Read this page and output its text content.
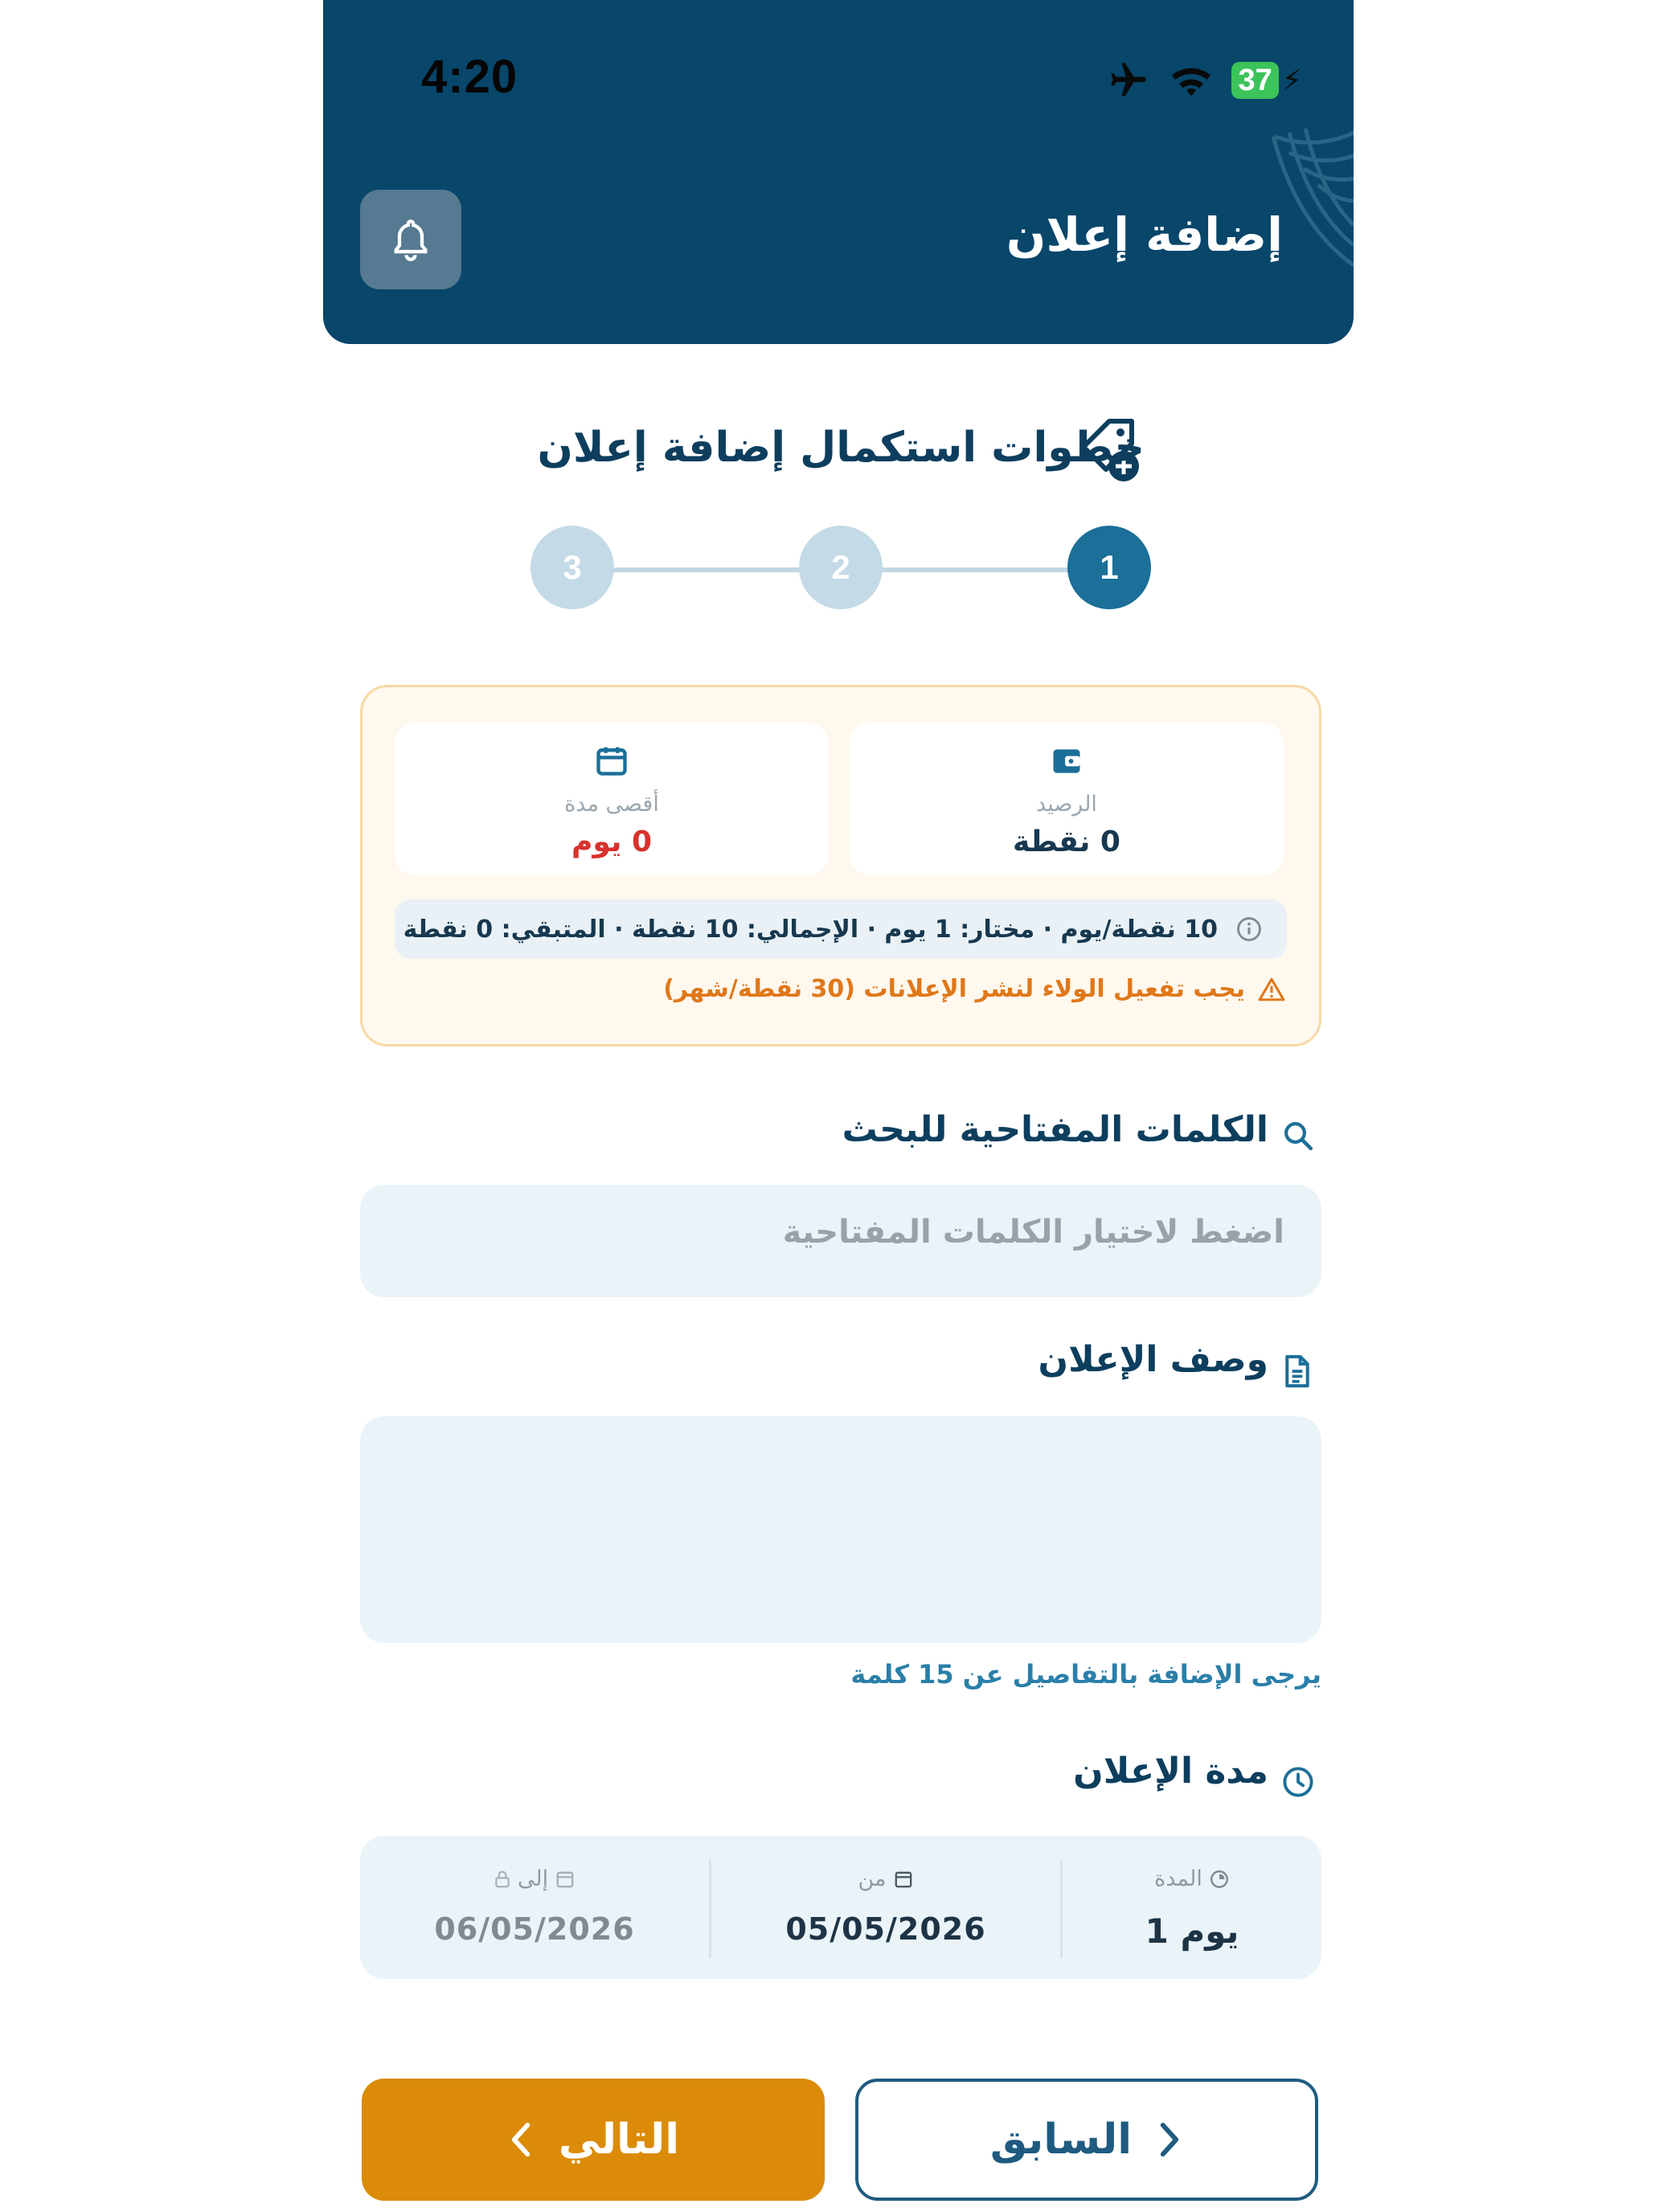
4:20	37 ⚡
إضافة إعلان
خطوات استكمال إضافة إعلان
3	2	1
أقصى مدة
0 يوم
الرصيد
0 نقطة
10 نقطة/يوم · مختار: 1 يوم · الإجمالي: 10 نقطة · المتبقي: 0 نقطة
يجب تفعيل الولاء لنشر الإعلانات (30 نقطة/شهر)
الكلمات المفتاحية للبحث
اضغط لاختيار الكلمات المفتاحية
وصف الإعلان
يرجى الإضافة بالتفاصيل عن 15 كلمة
مدة الإعلان
إلى
06/05/2026
من
05/05/2026
المدة
1 يوم
التالي	السابق
